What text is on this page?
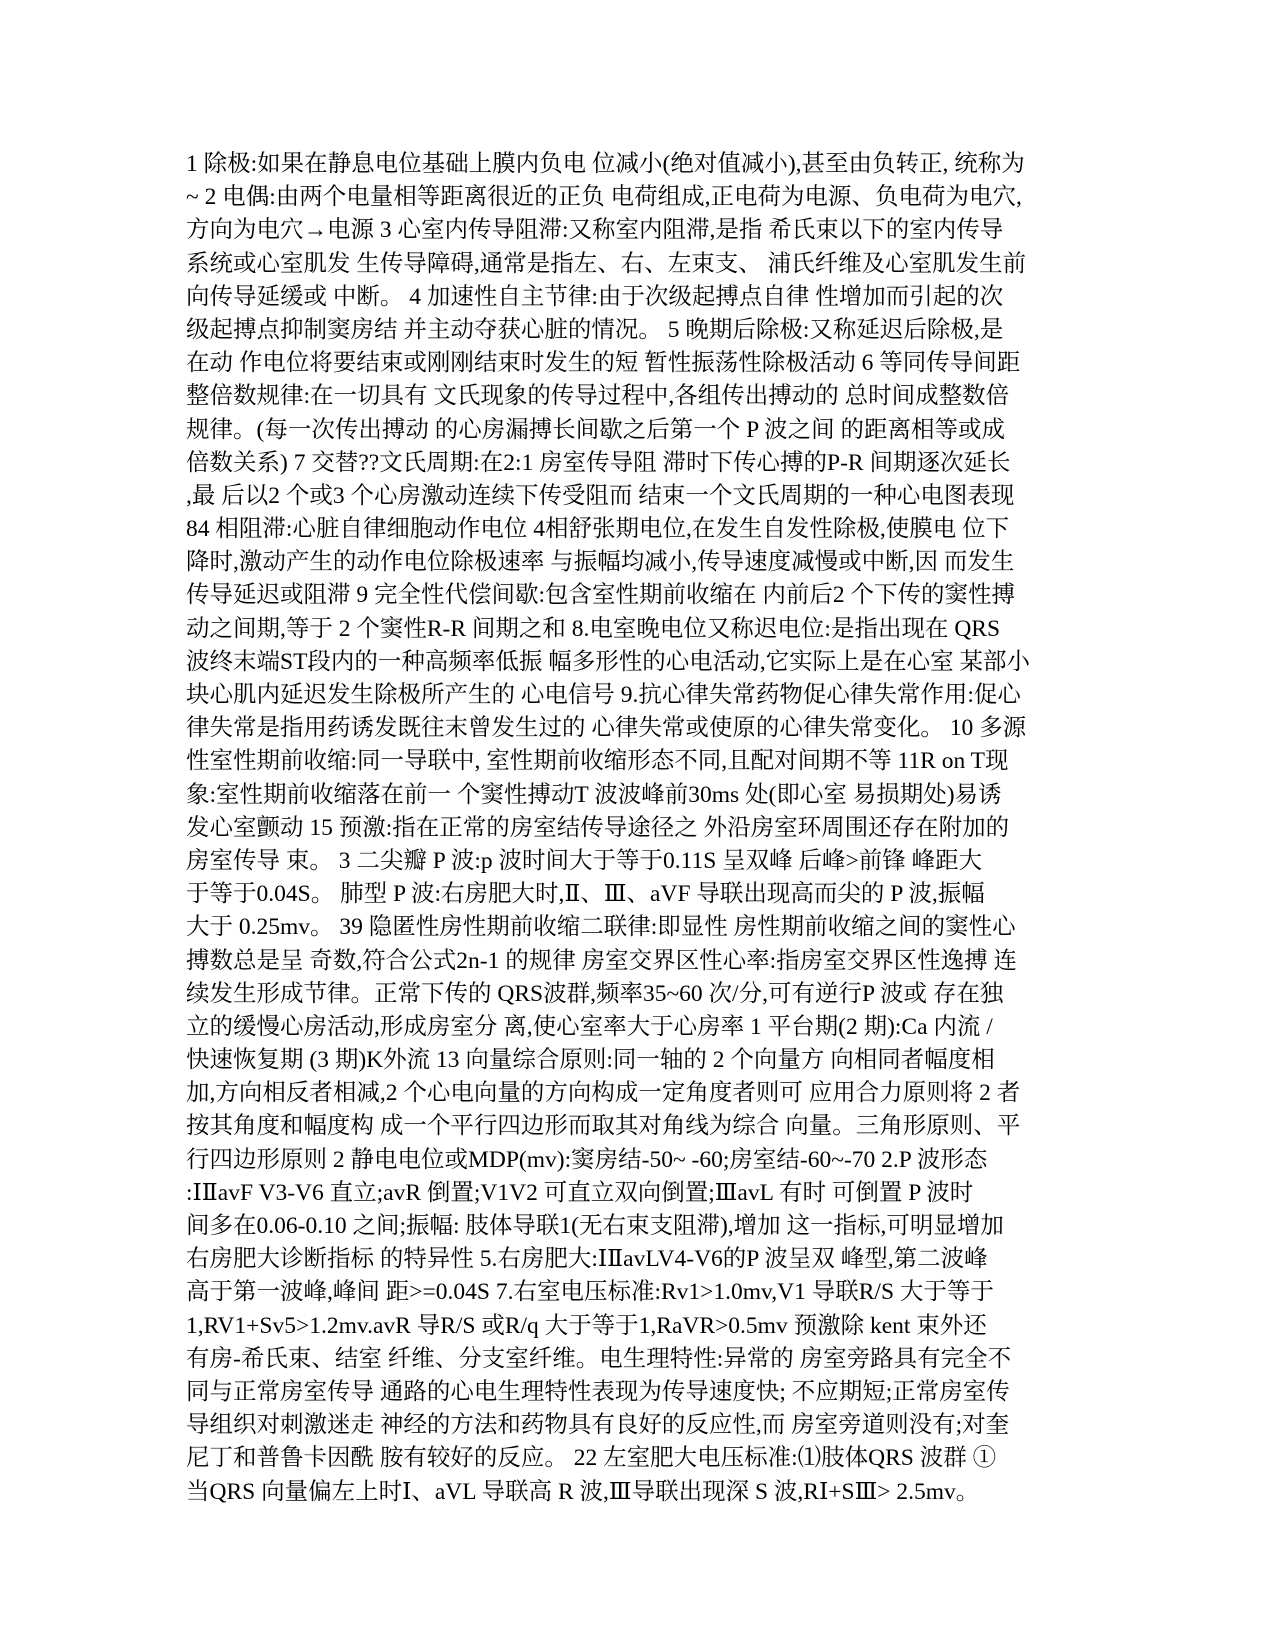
1 除极:如果在静息电位基础上膜内负电 位减小(绝对值减小),甚至由负转正, 统称为
~ 2 电偶:由两个电量相等距离很近的正负 电荷组成,正电荷为电源、负电荷为电穴,
方向为电穴→电源 3 心室内传导阻滞:又称室内阻滞,是指 希氏束以下的室内传导
系统或心室肌发 生传导障碍,通常是指左、右、左束支、 浦氏纤维及心室肌发生前
向传导延缓或 中断。 4 加速性自主节律:由于次级起搏点自律 性增加而引起的次
级起搏点抑制窦房结 并主动夺获心脏的情况。 5 晚期后除极:又称延迟后除极,是
在动 作电位将要结束或刚刚结束时发生的短 暂性振荡性除极活动 6 等同传导间距
整倍数规律:在一切具有 文氏现象的传导过程中,各组传出搏动的 总时间成整数倍
规律。(每一次传出搏动 的心房漏搏长间歇之后第一个 P 波之间 的距离相等或成
倍数关系) 7 交替??文氏周期:在2:1 房室传导阻 滞时下传心搏的P-R 间期逐次延长
,最 后以2 个或3 个心房激动连续下传受阻而 结束一个文氏周期的一种心电图表现
84 相阻滞:心脏自律细胞动作电位 4相舒张期电位,在发生自发性除极,使膜电 位下
降时,激动产生的动作电位除极速率 与振幅均减小,传导速度减慢或中断,因 而发生
传导延迟或阻滞 9 完全性代偿间歇:包含室性期前收缩在 内前后2 个下传的窦性搏
动之间期,等于 2 个窦性R-R 间期之和 8.电室晚电位又称迟电位:是指出现在 QRS
波终末端ST段内的一种高频率低振 幅多形性的心电活动,它实际上是在心室 某部小
块心肌内延迟发生除极所产生的 心电信号 9.抗心律失常药物促心律失常作用:促心
律失常是指用药诱发既往末曾发生过的 心律失常或使原的心律失常变化。 10 多源
性室性期前收缩:同一导联中, 室性期前收缩形态不同,且配对间期不等 11R on T现
象:室性期前收缩落在前一 个窦性搏动T 波波峰前30ms 处(即心室 易损期处)易诱
发心室颤动 15 预激:指在正常的房室结传导途径之 外沿房室环周围还存在附加的
房室传导 束。 3 二尖瓣 P 波:p 波时间大于等于0.11S 呈双峰 后峰>前锋 峰距大
于等于0.04S。 肺型 P 波:右房肥大时,Ⅱ、Ⅲ、aVF 导联出现高而尖的 P 波,振幅
大于 0.25mv。 39 隐匿性房性期前收缩二联律:即显性 房性期前收缩之间的窦性心
搏数总是呈 奇数,符合公式2n-1 的规律 房室交界区性心率:指房室交界区性逸搏 连
续发生形成节律。正常下传的 QRS波群,频率35~60 次/分,可有逆行P 波或 存在独
立的缓慢心房活动,形成房室分 离,使心室率大于心房率 1 平台期(2 期):Ca 内流 /
快速恢复期 (3 期)K外流 13 向量综合原则:同一轴的 2 个向量方 向相同者幅度相
加,方向相反者相减,2 个心电向量的方向构成一定角度者则可 应用合力原则将 2 者
按其角度和幅度构 成一个平行四边形而取其对角线为综合 向量。三角形原则、平
行四边形原则 2 静电电位或MDP(mv):窦房结-50~ -60;房室结-60~-70 2.P 波形态
:ⅠⅡavF V3-V6 直立;avR 倒置;V1V2 可直立双向倒置;ⅢavL 有时 可倒置 P 波时
间多在0.06-0.10 之间;振幅: 肢体导联1(无右束支阻滞),增加 这一指标,可明显增加
右房肥大诊断指标 的特异性 5.右房肥大:ⅠⅡavLV4-V6的P 波呈双 峰型,第二波峰
高于第一波峰,峰间 距>=0.04S 7.右室电压标准:Rv1>1.0mv,V1 导联R/S 大于等于
1,RV1+Sv5>1.2mv.avR 导R/S 或R/q 大于等于1,RaVR>0.5mv 预激除 kent 束外还
有房-希氏束、结室 纤维、分支室纤维。电生理特性:异常的 房室旁路具有完全不
同与正常房室传导 通路的心电生理特性表现为传导速度快; 不应期短;正常房室传
导组织对刺激迷走 神经的方法和药物具有良好的反应性,而 房室旁道则没有;对奎
尼丁和普鲁卡因酰 胺有较好的反应。 22 左室肥大电压标准:⑴肢体QRS 波群 ①
当QRS 向量偏左上时Ⅰ、aVL 导联高 R 波,Ⅲ导联出现深 S 波,RⅠ+SⅢ> 2.5mv。
